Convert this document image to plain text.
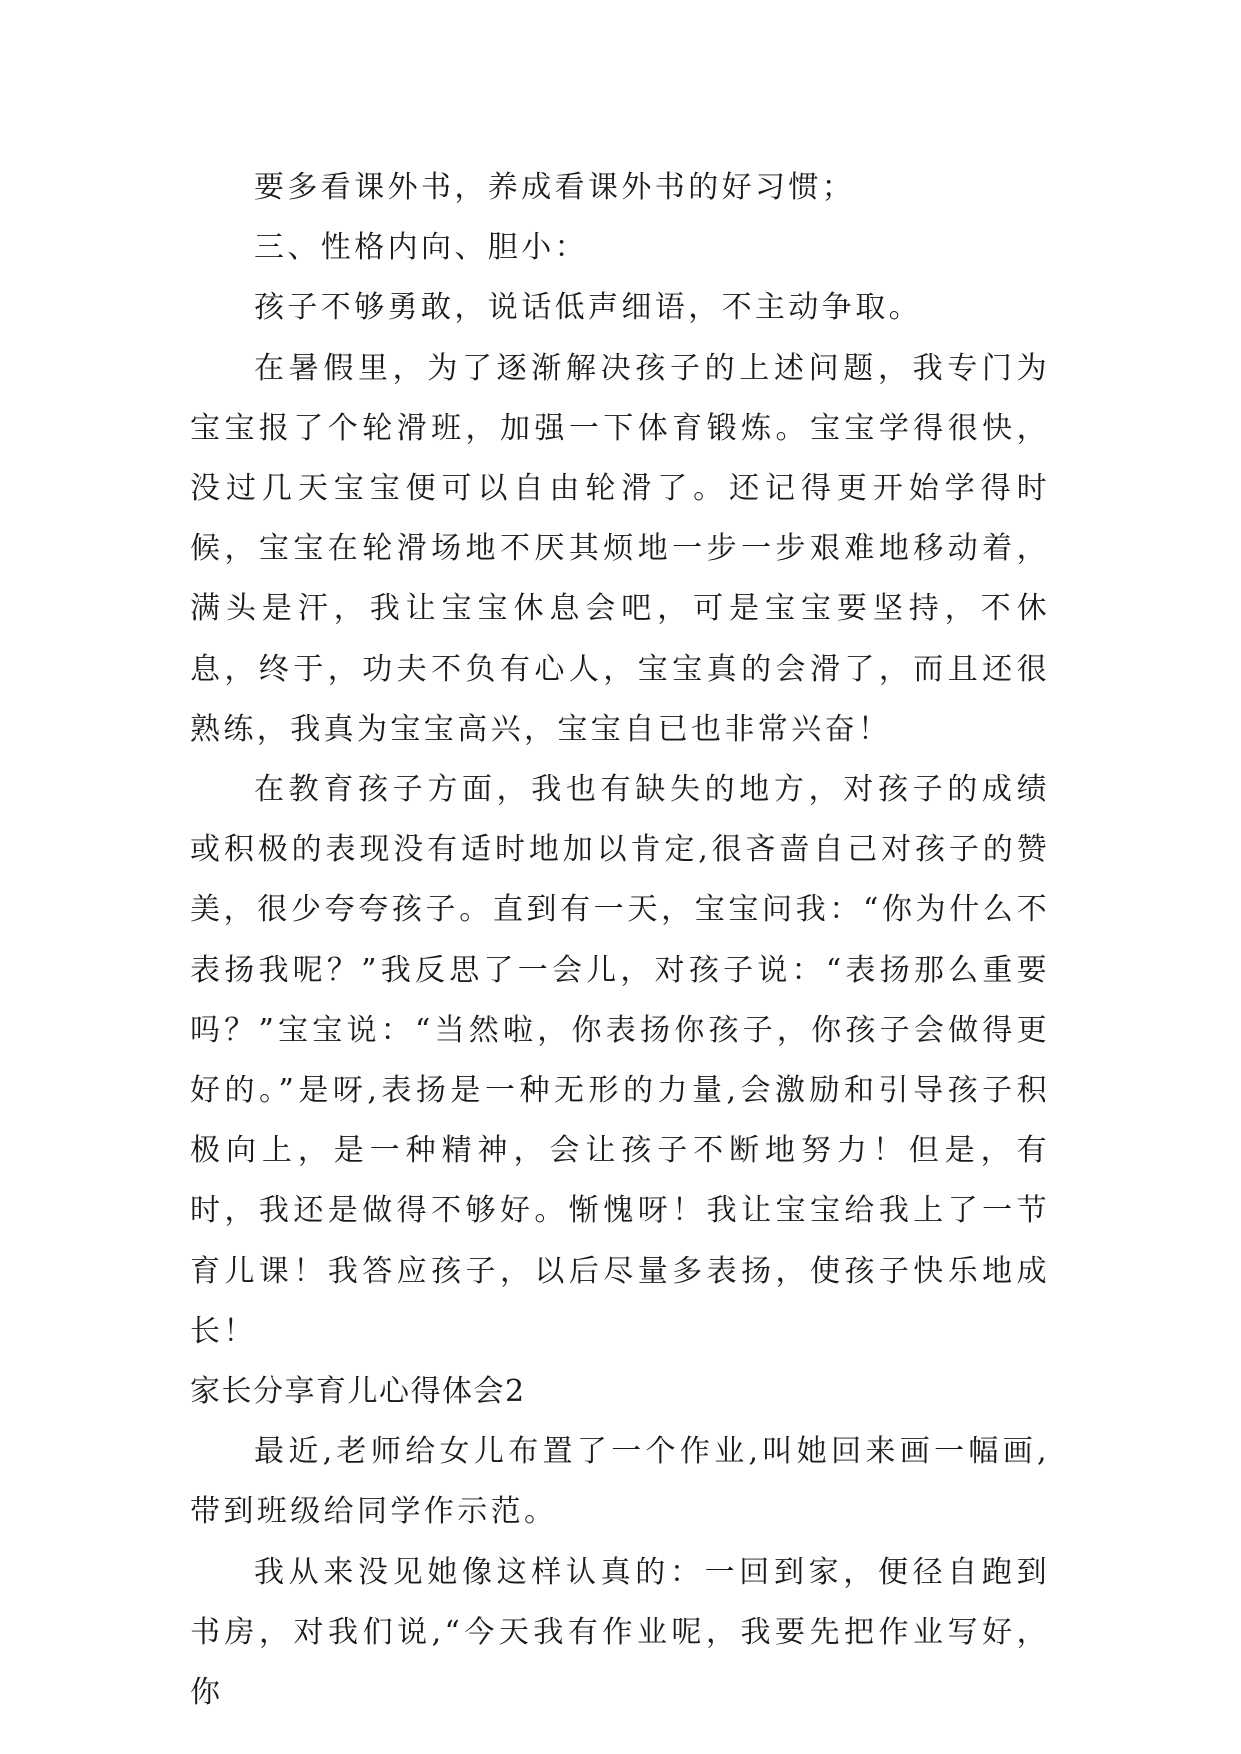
要多看课外书，养成看课外书的好习惯；

三、性格内向、胆小：

孩子不够勇敢，说话低声细语，不主动争取。

在暑假里，为了逐渐解决孩子的上述问题，我专门为宝宝报了个轮滑班，加强一下体育锻炼。宝宝学得很快，没过几天宝宝便可以自由轮滑了。还记得更开始学得时候，宝宝在轮滑场地不厌其烦地一步一步艰难地移动着，满头是汗，我让宝宝休息会吧，可是宝宝要坚持，不休息，终于，功夫不负有心人，宝宝真的会滑了，而且还很熟练，我真为宝宝高兴，宝宝自已也非常兴奋！

在教育孩子方面，我也有缺失的地方，对孩子的成绩或积极的表现没有适时地加以肯定,很吝啬自己对孩子的赞美，很少夸夸孩子。直到有一天，宝宝问我：“你为什么不表扬我呢？”我反思了一会儿，对孩子说：“表扬那么重要吗？”宝宝说：“当然啦，你表扬你孩子，你孩子会做得更好的。”是呀,表扬是一种无形的力量,会激励和引导孩子积极向上，是一种精神，会让孩子不断地努力！但是，有时，我还是做得不够好。惭愧呀！我让宝宝给我上了一节育儿课！我答应孩子，以后尽量多表扬，使孩子快乐地成长！

家长分享育儿心得体会2

最近,老师给女儿布置了一个作业,叫她回来画一幅画,带到班级给同学作示范。

我从来没见她像这样认真的：一回到家，便径自跑到书房，对我们说,“今天我有作业呢，我要先把作业写好，你
